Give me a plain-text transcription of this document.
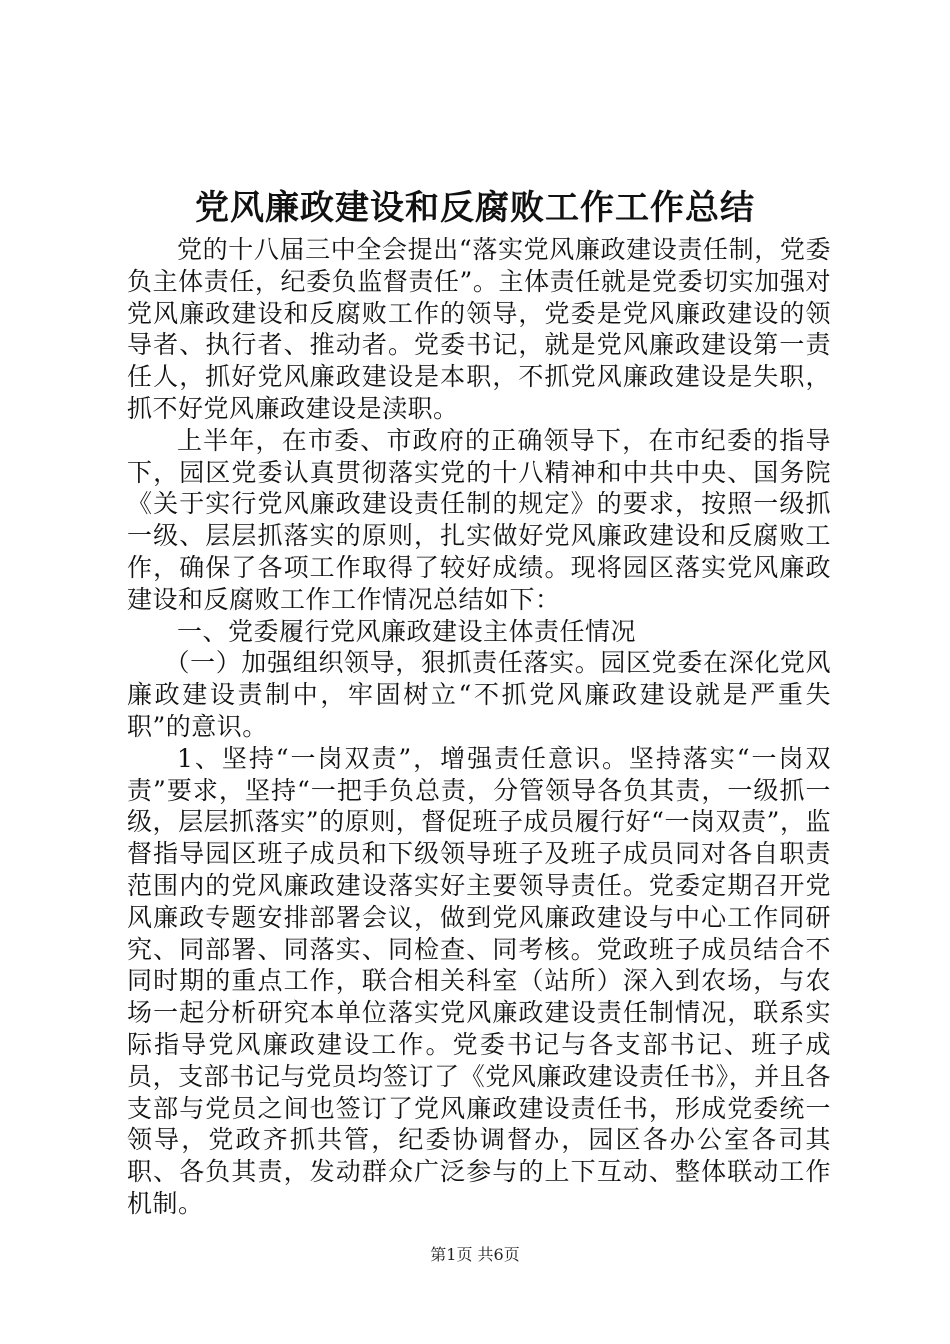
党风廉政建设和反腐败工作工作总结

党的十八届三中全会提出“落实党风廉政建设责任制，党委负主体责任，纪委负监督责任”。主体责任就是党委切实加强对党风廉政建设和反腐败工作的领导，党委是党风廉政建设的领导者、执行者、推动者。党委书记，就是党风廉政建设第一责任人，抓好党风廉政建设是本职，不抓党风廉政建设是失职，抓不好党风廉政建设是渎职。

上半年，在市委、市政府的正确领导下，在市纪委的指导下，园区党委认真贯彻落实党的十八精神和中共中央、国务院《关于实行党风廉政建设责任制的规定》的要求，按照一级抓一级、层层抓落实的原则，扎实做好党风廉政建设和反腐败工作，确保了各项工作取得了较好成绩。现将园区落实党风廉政建设和反腐败工作工作情况总结如下：

一、党委履行党风廉政建设主体责任情况

（一）加强组织领导，狠抓责任落实。园区党委在深化党风廉政建设责制中，牢固树立“不抓党风廉政建设就是严重失职”的意识。

1、坚持“一岗双责”，增强责任意识。坚持落实“一岗双责”要求，坚持“一把手负总责，分管领导各负其责，一级抓一级，层层抓落实”的原则，督促班子成员履行好“一岗双责”，监督指导园区班子成员和下级领导班子及班子成员同对各自职责范围内的党风廉政建设落实好主要领导责任。党委定期召开党风廉政专题安排部署会议，做到党风廉政建设与中心工作同研究、同部署、同落实、同检查、同考核。党政班子成员结合不同时期的重点工作，联合相关科室（站所）深入到农场，与农场一起分析研究本单位落实党风廉政建设责任制情况，联系实际指导党风廉政建设工作。党委书记与各支部书记、班子成员，支部书记与党员均签订了《党风廉政建设责任书》，并且各支部与党员之间也签订了党风廉政建设责任书，形成党委统一领导，党政齐抓共管，纪委协调督办，园区各办公室各司其职、各负其责，发动群众广泛参与的上下互动、整体联动工作机制。

第1页 共6页
